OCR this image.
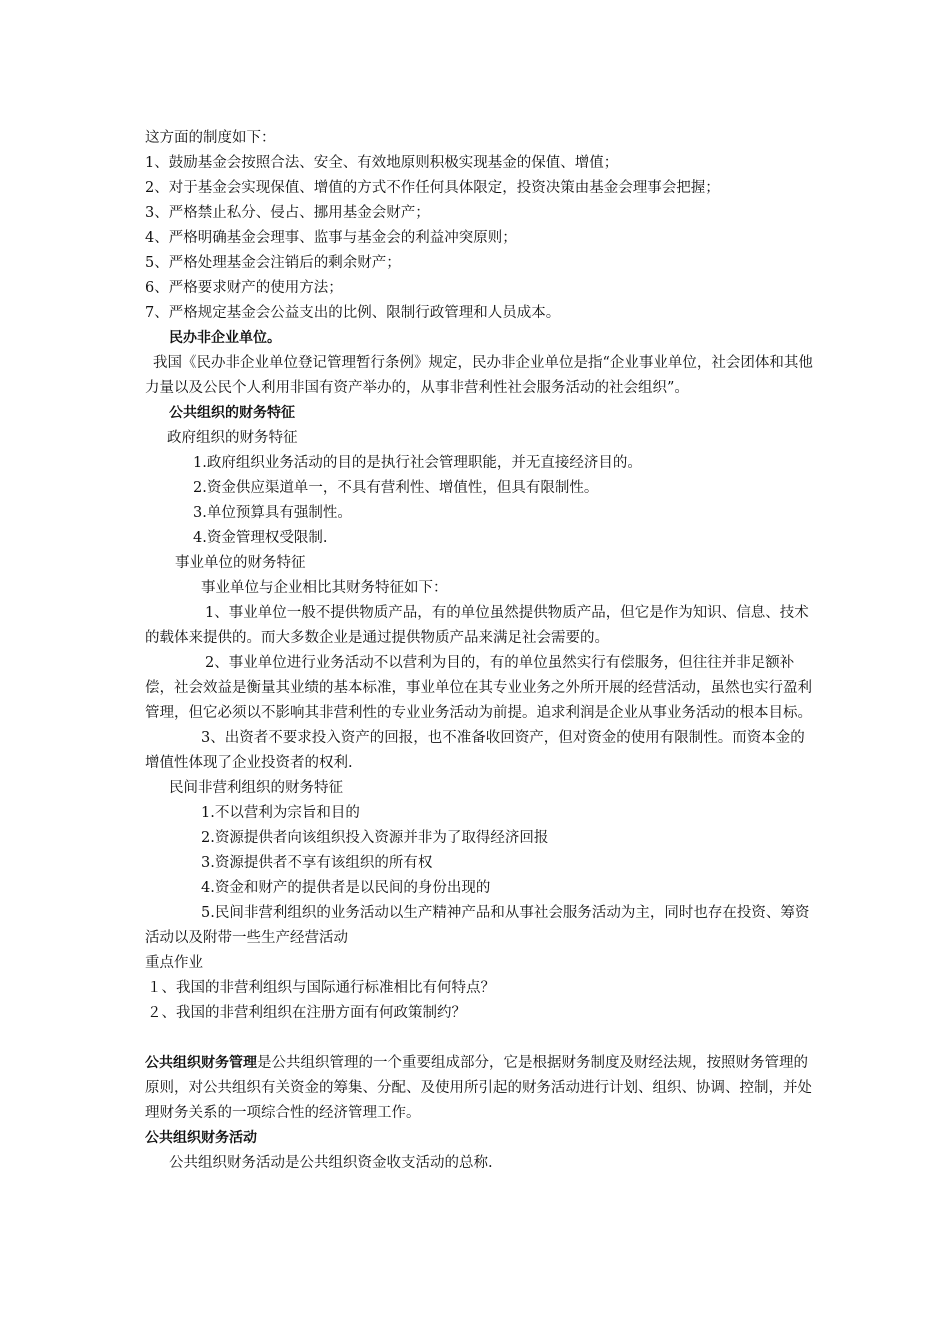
这方面的制度如下：

1、鼓励基金会按照合法、安全、有效地原则积极实现基金的保值、增值；

2、对于基金会实现保值、增值的方式不作任何具体限定，投资决策由基金会理事会把握；

3、严格禁止私分、侵占、挪用基金会财产；

4、严格明确基金会理事、监事与基金会的利益冲突原则；

5、严格处理基金会注销后的剩余财产；

6、严格要求财产的使用方法；

7、严格规定基金会公益支出的比例、限制行政管理和人员成本。

民办非企业单位。

我国《民办非企业单位登记管理暂行条例》规定，民办非企业单位是指“企业事业单位，社会团体和其他力量以及公民个人利用非国有资产举办的，从事非营利性社会服务活动的社会组织”。

公共组织的财务特征

政府组织的财务特征

1.政府组织业务活动的目的是执行社会管理职能，并无直接经济目的。

2.资金供应渠道单一，不具有营利性、增值性，但具有限制性。

3.单位预算具有强制性。

4.资金管理权受限制.

事业单位的财务特征

事业单位与企业相比其财务特征如下：

1、事业单位一般不提供物质产品，有的单位虽然提供物质产品，但它是作为知识、信息、技术的载体来提供的。而大多数企业是通过提供物质产品来满足社会需要的。

2、事业单位进行业务活动不以营利为目的，有的单位虽然实行有偿服务，但往往并非足额补偿，社会效益是衡量其业绩的基本标准，事业单位在其专业业务之外所开展的经营活动，虽然也实行盈利管理，但它必须以不影响其非营利性的专业业务活动为前提。追求利润是企业从事业务活动的根本目标。

3、出资者不要求投入资产的回报，也不准备收回资产，但对资金的使用有限制性。而资本金的增值性体现了企业投资者的权利.

民间非营利组织的财务特征

1.不以营利为宗旨和目的

2.资源提供者向该组织投入资源并非为了取得经济回报

3.资源提供者不享有该组织的所有权

4.资金和财产的提供者是以民间的身份出现的

5.民间非营利组织的业务活动以生产精神产品和从事社会服务活动为主，同时也存在投资、筹资活动以及附带一些生产经营活动

重点作业

１、我国的非营利组织与国际通行标准相比有何特点？

２、我国的非营利组织在注册方面有何政策制约？

公共组织财务管理是公共组织管理的一个重要组成部分，它是根据财务制度及财经法规，按照财务管理的原则，对公共组织有关资金的筹集、分配、及使用所引起的财务活动进行计划、组织、协调、控制，并处理财务关系的一项综合性的经济管理工作。

公共组织财务活动

公共组织财务活动是公共组织资金收支活动的总称.
